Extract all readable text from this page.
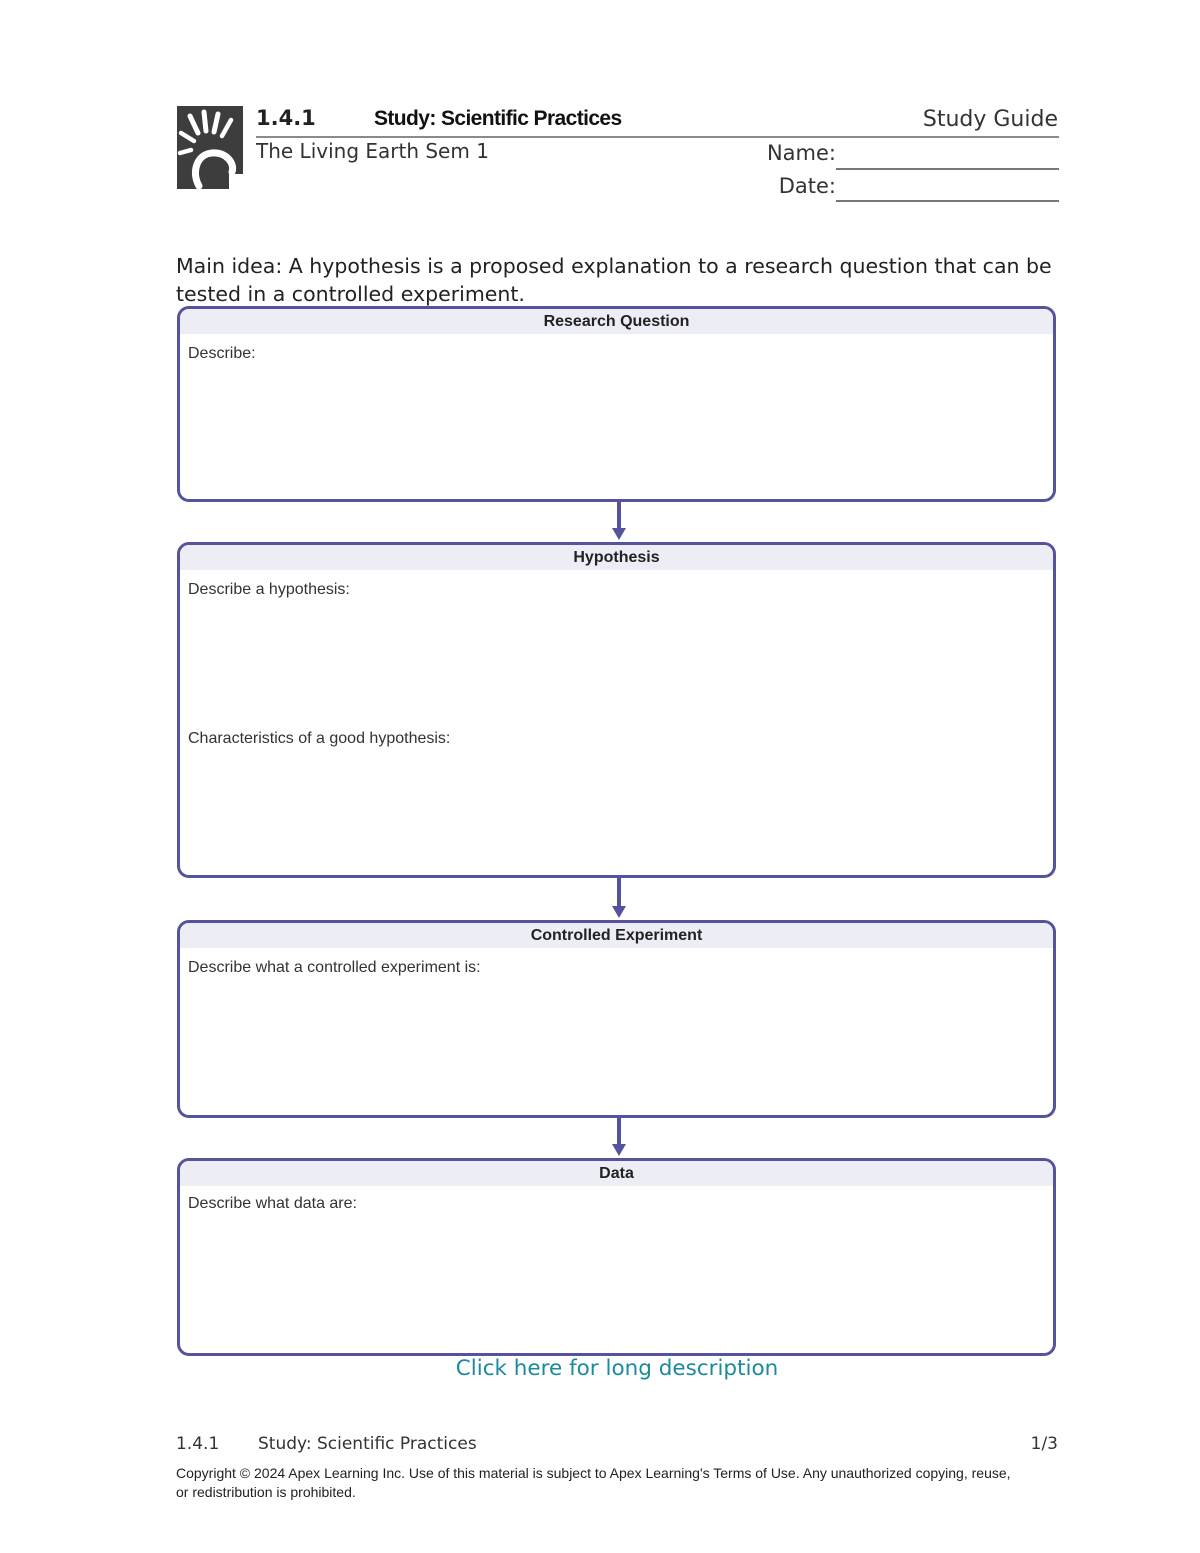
1.4.1	Study: Scientific Practices	Study Guide
The Living Earth Sem 1	Name:
Date:
Main idea: A hypothesis is a proposed explanation to a research question that can be tested in a controlled experiment.
Research Question
Describe:
Hypothesis
Describe a hypothesis:
Characteristics of a good hypothesis:
Controlled Experiment
Describe what a controlled experiment is:
Data
Describe what data are:
Click here for long description
1.4.1 Study: Scientific Practices	1/3
Copyright © 2024 Apex Learning Inc. Use of this material is subject to Apex Learning's Terms of Use. Any unauthorized copying, reuse, or redistribution is prohibited.
